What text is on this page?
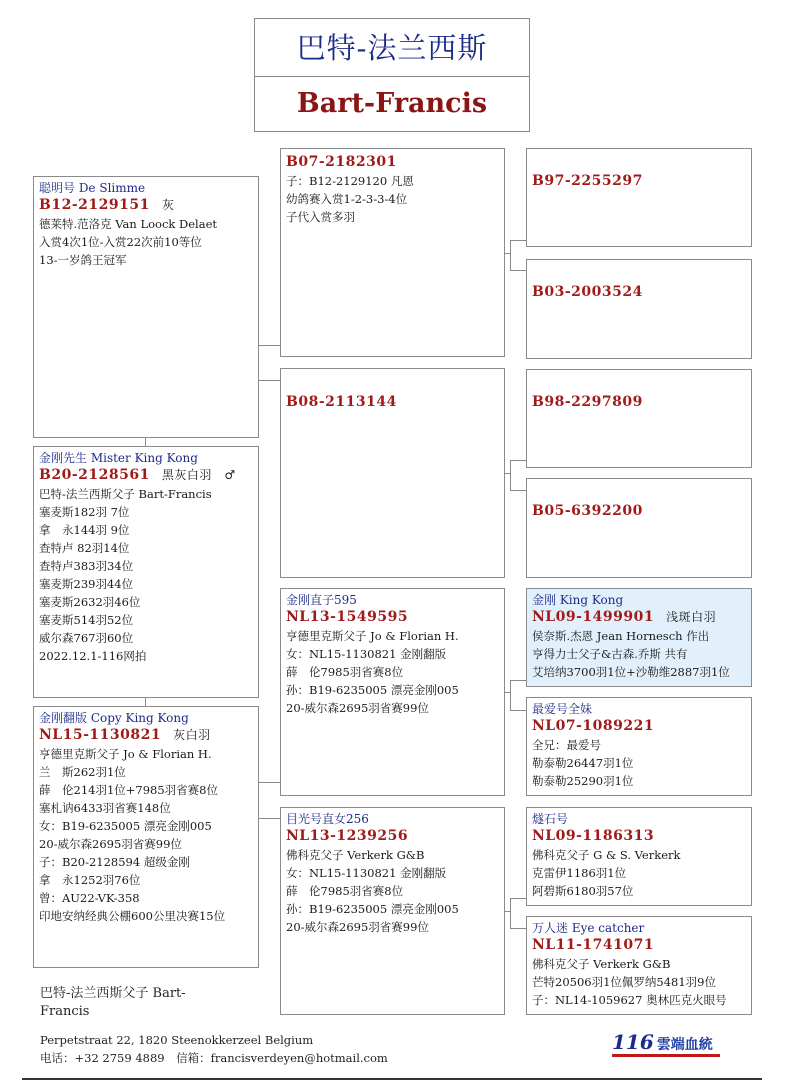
巴特-法兰西斯
Bart-Francis
聪明号 De Slimme
B12-2129151 灰
德莱特.范洛克 Van Loock Delaet
入赏4次1位-入赏22次前10等位
13-一岁鸽王冠军
金刚先生 Mister King Kong
B20-2128561 黑灰白羽　♂
巴特-法兰西斯父子 Bart-Francis
塞麦斯182羽 7位
拿　永144羽 9位
查特卢 82羽14位
查特卢383羽34位
塞麦斯239羽44位
塞麦斯2632羽46位
塞麦斯514羽52位
威尔森767羽60位
2022.12.1-116网拍
金刚翻版 Copy King Kong
NL15-1130821 灰白羽
亨德里克斯父子 Jo & Florian H.
兰　斯262羽1位
薛　伦214羽1位+7985羽省赛8位
塞札讷6433羽省赛148位
女：B19-6235005 漂亮金刚005
20-威尔森2695羽省赛99位
子：B20-2128594 超级金刚
拿　永1252羽76位
曾：AU22-VK-358
印地安纳经典公棚600公里决赛15位
B07-2182301
子：B12-2129120 凡恩
幼鸽赛入赏1-2-3-3-4位
子代入赏多羽
B08-2113144
金刚直子595
NL13-1549595
亨德里克斯父子 Jo & Florian H.
女：NL15-1130821 金刚翻版
薛　伦7985羽省赛8位
孙：B19-6235005 漂亮金刚005
20-威尔森2695羽省赛99位
目光号直女256
NL13-1239256
佛科克父子 Verkerk G&B
女：NL15-1130821 金刚翻版
薛　伦7985羽省赛8位
孙：B19-6235005 漂亮金刚005
20-威尔森2695羽省赛99位
B97-2255297
B03-2003524
B98-2297809
B05-6392200
金刚 King Kong
NL09-1499901 浅斑白羽
侯奈斯.杰恩 Jean Hornesch 作出
亨得力士父子&古森.乔斯 共有
艾培纳3700羽1位+沙勒维2887羽1位
最爱号全妹
NL07-1089221
全兄：最爱号
勒泰勒26447羽1位
勒泰勒25290羽1位
燧石号
NL09-1186313
佛科克父子 G & S. Verkerk
克雷伊1186羽1位
阿碧斯6180羽57位
万人迷 Eye catcher
NL11-1741071
佛科克父子 Verkerk G&B
芒特20506羽1位佩罗纳5481羽9位
子：NL14-1059627 奥林匹克火眼号
巴特-法兰西斯父子 Bart-Francis
Perpetstraat 22, 1820 Steenokkerzeel Belgium
电话：+32 2759 4889　信箱：francisverdeyen@hotmail.com
116 雲端血統
